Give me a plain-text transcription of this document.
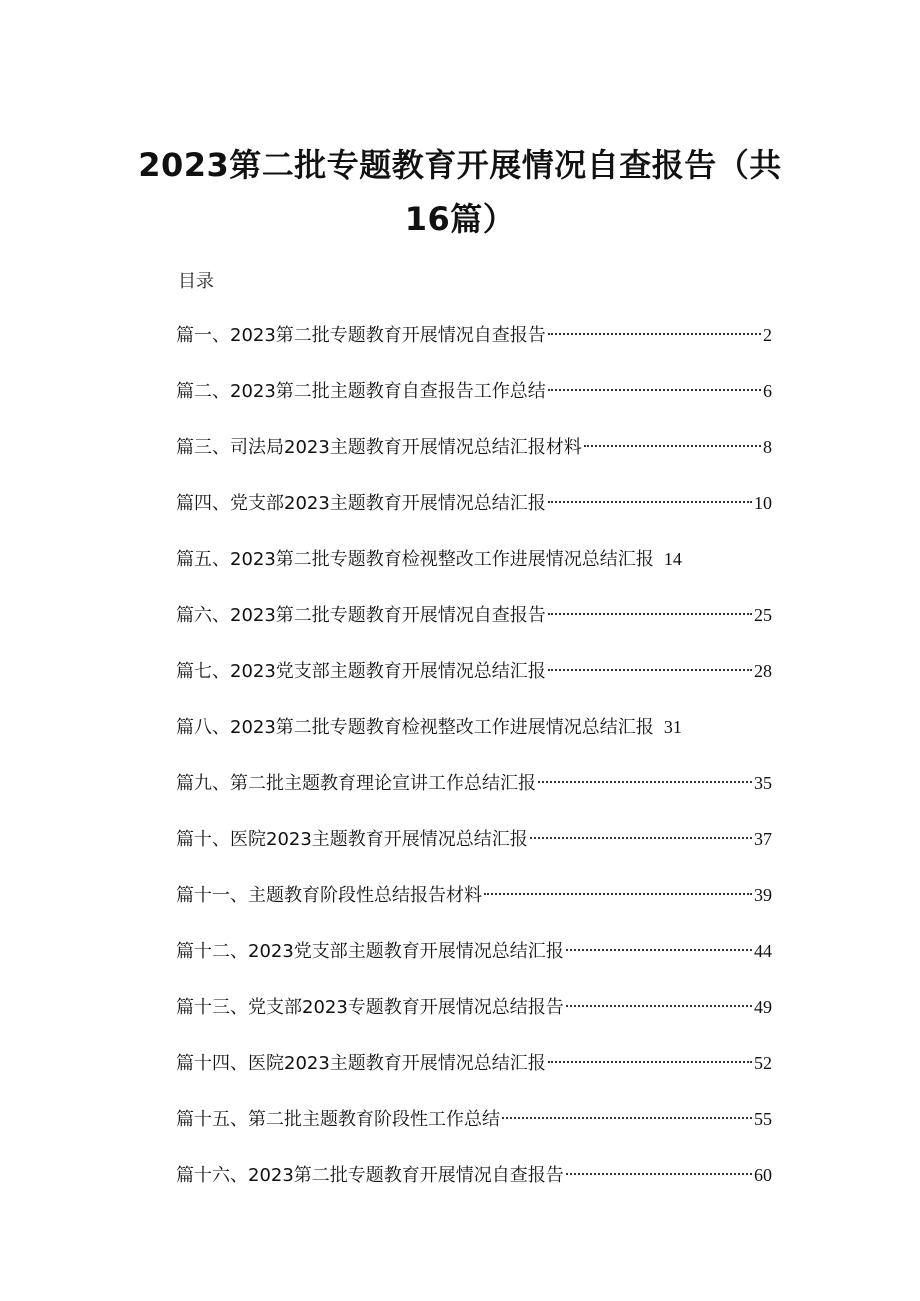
2023第二批专题教育开展情况自查报告（共
16篇）
目录
篇一、2023第二批专题教育开展情况自查报告	2
篇二、2023第二批主题教育自查报告工作总结	6
篇三、司法局2023主题教育开展情况总结汇报材料	8
篇四、党支部2023主题教育开展情况总结汇报	10
篇五、2023第二批专题教育检视整改工作进展情况总结汇报 14
篇六、2023第二批专题教育开展情况自查报告	25
篇七、2023党支部主题教育开展情况总结汇报	28
篇八、2023第二批专题教育检视整改工作进展情况总结汇报 31
篇九、第二批主题教育理论宣讲工作总结汇报	35
篇十、医院2023主题教育开展情况总结汇报	37
篇十一、主题教育阶段性总结报告材料	39
篇十二、2023党支部主题教育开展情况总结汇报	44
篇十三、党支部2023专题教育开展情况总结报告	49
篇十四、医院2023主题教育开展情况总结汇报	52
篇十五、第二批主题教育阶段性工作总结	55
篇十六、2023第二批专题教育开展情况自查报告	60
